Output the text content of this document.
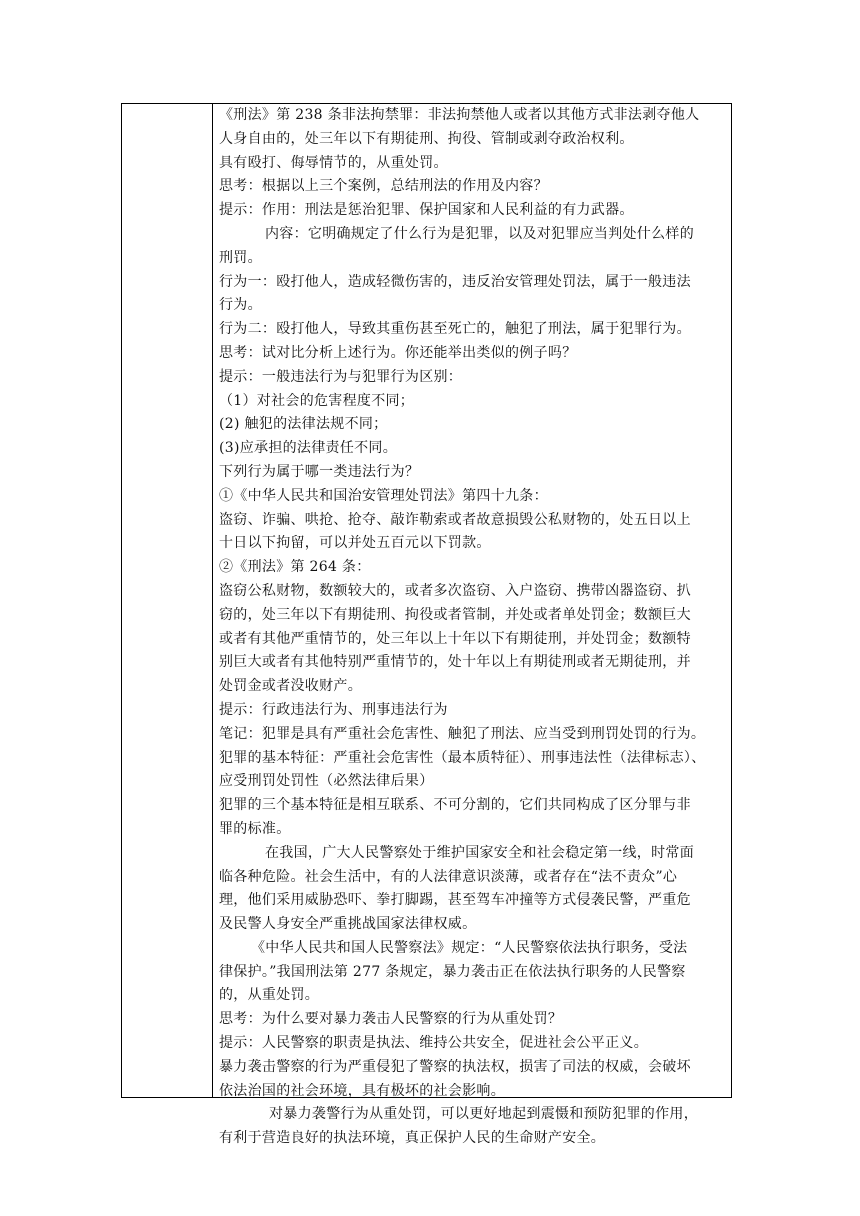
《刑法》第 238 条非法拘禁罪：非法拘禁他人或者以其他方式非法剥夺他人
人身自由的，处三年以下有期徒刑、拘役、管制或剥夺政治权利。
具有殴打、侮辱情节的，从重处罚。
思考：根据以上三个案例，总结刑法的作用及内容？
提示：作用：刑法是惩治犯罪、保护国家和人民利益的有力武器。
内容：它明确规定了什么行为是犯罪，以及对犯罪应当判处什么样的
刑罚。
行为一：殴打他人，造成轻微伤害的，违反治安管理处罚法，属于一般违法
行为。
行为二：殴打他人，导致其重伤甚至死亡的，触犯了刑法，属于犯罪行为。
思考：试对比分析上述行为。你还能举出类似的例子吗？
提示：一般违法行为与犯罪行为区别：
（1）对社会的危害程度不同；
(2) 触犯的法律法规不同；
(3)应承担的法律责任不同。
下列行为属于哪一类违法行为？
①《中华人民共和国治安管理处罚法》第四十九条：
盗窃、诈骗、哄抢、抢夺、敲诈勒索或者故意损毁公私财物的，处五日以上
十日以下拘留，可以并处五百元以下罚款。
②《刑法》第 264 条：
盗窃公私财物，数额较大的，或者多次盗窃、入户盗窃、携带凶器盗窃、扒
窃的，处三年以下有期徒刑、拘役或者管制，并处或者单处罚金；数额巨大
或者有其他严重情节的，处三年以上十年以下有期徒刑，并处罚金；数额特
别巨大或者有其他特别严重情节的，处十年以上有期徒刑或者无期徒刑，并
处罚金或者没收财产。
提示：行政违法行为、刑事违法行为
笔记：犯罪是具有严重社会危害性、触犯了刑法、应当受到刑罚处罚的行为。
犯罪的基本特征：严重社会危害性（最本质特征）、刑事违法性（法律标志）、
应受刑罚处罚性（必然法律后果）
犯罪的三个基本特征是相互联系、不可分割的，它们共同构成了区分罪与非
罪的标准。
在我国，广大人民警察处于维护国家安全和社会稳定第一线，时常面
临各种危险。社会生活中，有的人法律意识淡薄，或者存在“法不责众”心
理，他们采用威胁恐吓、拳打脚踢，甚至驾车冲撞等方式侵袭民警，严重危
及民警人身安全严重挑战国家法律权威。
《中华人民共和国人民警察法》规定：“人民警察依法执行职务，受法
律保护。”我国刑法第 277 条规定，暴力袭击正在依法执行职务的人民警察
的，从重处罚。
思考：为什么要对暴力袭击人民警察的行为从重处罚？
提示：人民警察的职责是执法、维持公共安全，促进社会公平正义。
暴力袭击警察的行为严重侵犯了警察的执法权，损害了司法的权威，会破坏
依法治国的社会环境，具有极坏的社会影响。
对暴力袭警行为从重处罚，可以更好地起到震慑和预防犯罪的作用，
有利于营造良好的执法环境，真正保护人民的生命财产安全。
